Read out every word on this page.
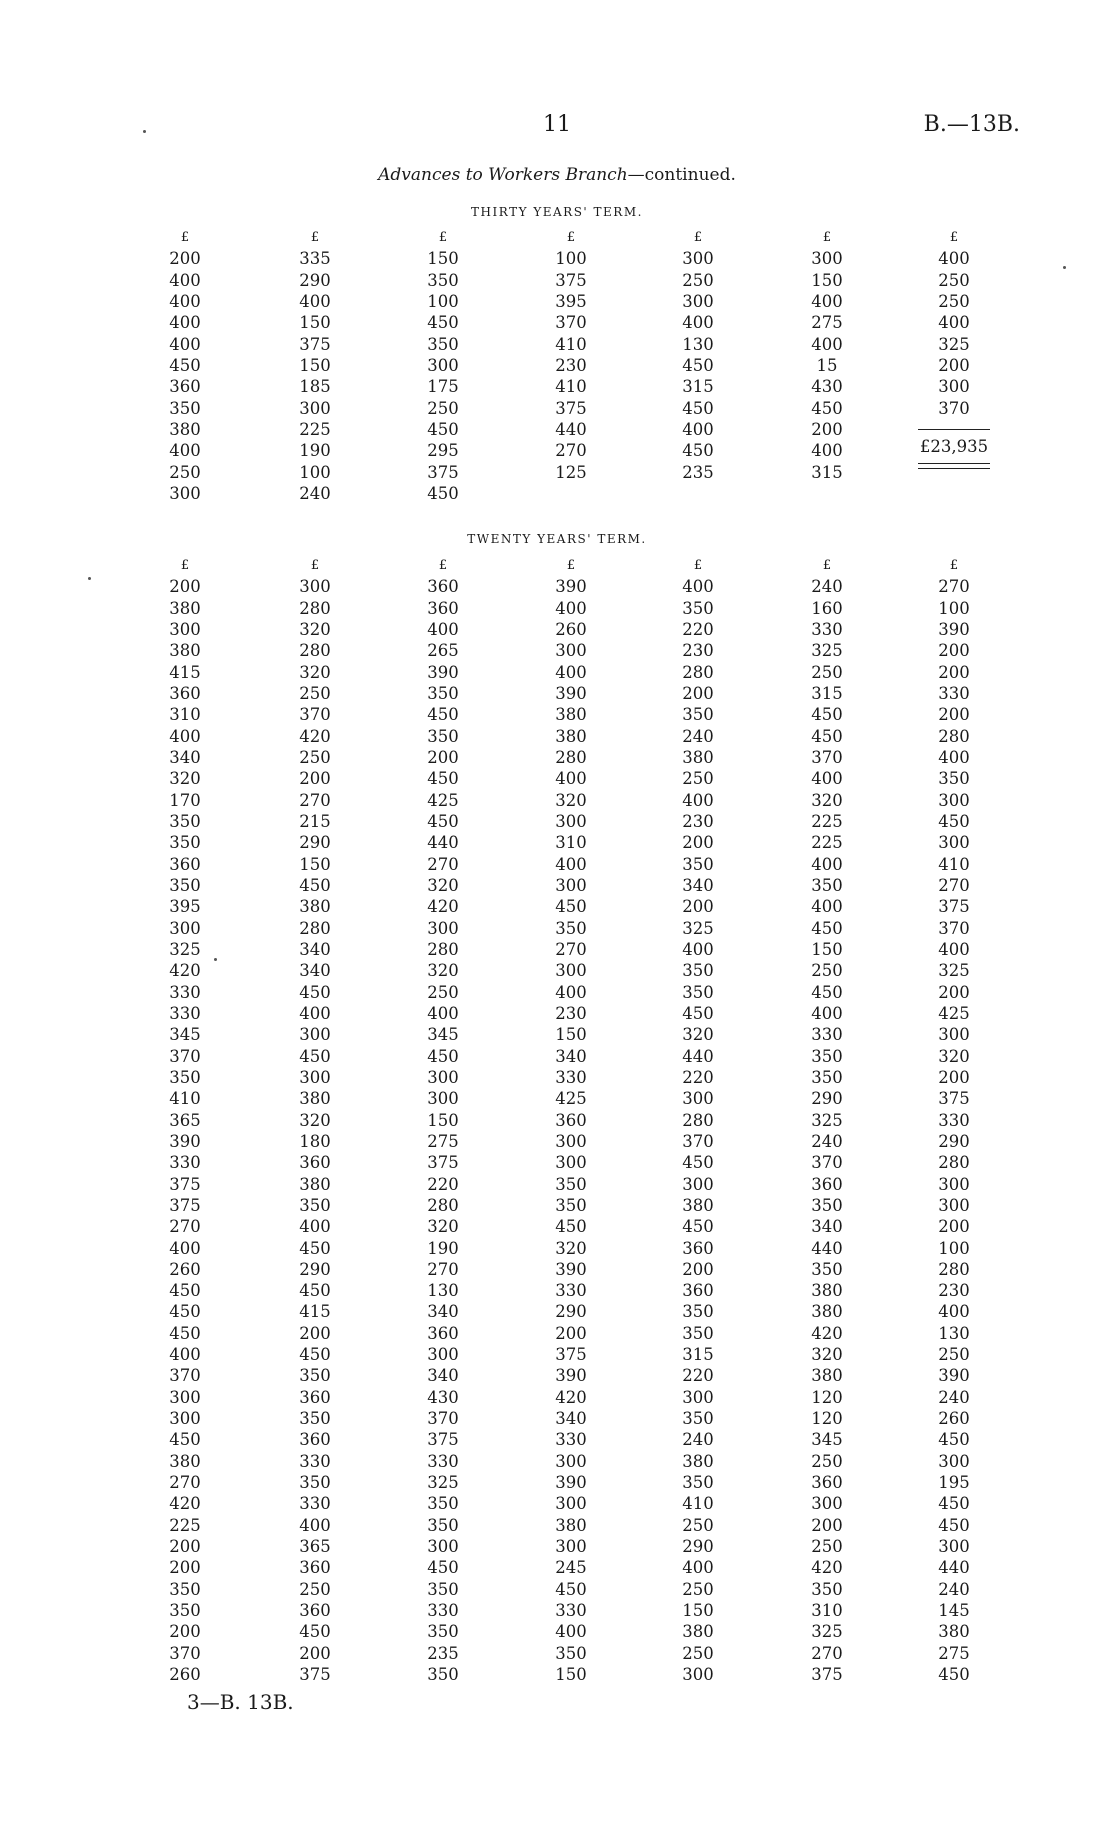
11	B.—13B.
Advances to Workers Branch—continued.
THIRTY YEARS' TERM.
£
200
400
400
400
400
450
360
350
380
400
250
300
£
335
290
400
150
375
150
185
300
225
190
100
240
£
150
350
100
450
350
300
175
250
450
295
375
450
£
100
375
395
370
410
230
410
375
440
270
125
£
300
250
300
400
130
450
315
450
400
450
235
£
300
150
400
275
400
15
430
450
200
400
315
£
400
250
250
400
325
200
300
370
£23,935
TWENTY YEARS' TERM.
£
200
380
300
380
415
360
310
400
340
320
170
350
350
360
350
395
300
325
420
330
330
345
370
350
410
365
390
330
375
375
270
400
260
450
450
450
400
370
300
300
450
380
270
420
225
200
200
350
350
200
370
260
£
300
280
320
280
320
250
370
420
250
200
270
215
290
150
450
380
280
340
340
450
400
300
450
300
380
320
180
360
380
350
400
450
290
450
415
200
450
350
360
350
360
330
350
330
400
365
360
250
360
450
200
375
£
360
360
400
265
390
350
450
350
200
450
425
450
440
270
320
420
300
280
320
250
400
345
450
300
300
150
275
375
220
280
320
190
270
130
340
360
300
340
430
370
375
330
325
350
350
300
450
350
330
350
235
350
£
390
400
260
300
400
390
380
380
280
400
320
300
310
400
300
450
350
270
300
400
230
150
340
330
425
360
300
300
350
350
450
320
390
330
290
200
375
390
420
340
330
300
390
300
380
300
245
450
330
400
350
150
£
400
350
220
230
280
200
350
240
380
250
400
230
200
350
340
200
325
400
350
350
450
320
440
220
300
280
370
450
300
380
450
360
200
360
350
350
315
220
300
350
240
380
350
410
250
290
400
250
150
380
250
300
£
240
160
330
325
250
315
450
450
370
400
320
225
225
400
350
400
450
150
250
450
400
330
350
350
290
325
240
370
360
350
340
440
350
380
380
420
320
380
120
120
345
250
360
300
200
250
420
350
310
325
270
375
£
270
100
390
200
200
330
200
280
400
350
300
450
300
410
270
375
370
400
325
200
425
300
320
200
375
330
290
280
300
300
200
100
280
230
400
130
250
390
240
260
450
300
195
450
450
300
440
240
145
380
275
450
3—B. 13B.
